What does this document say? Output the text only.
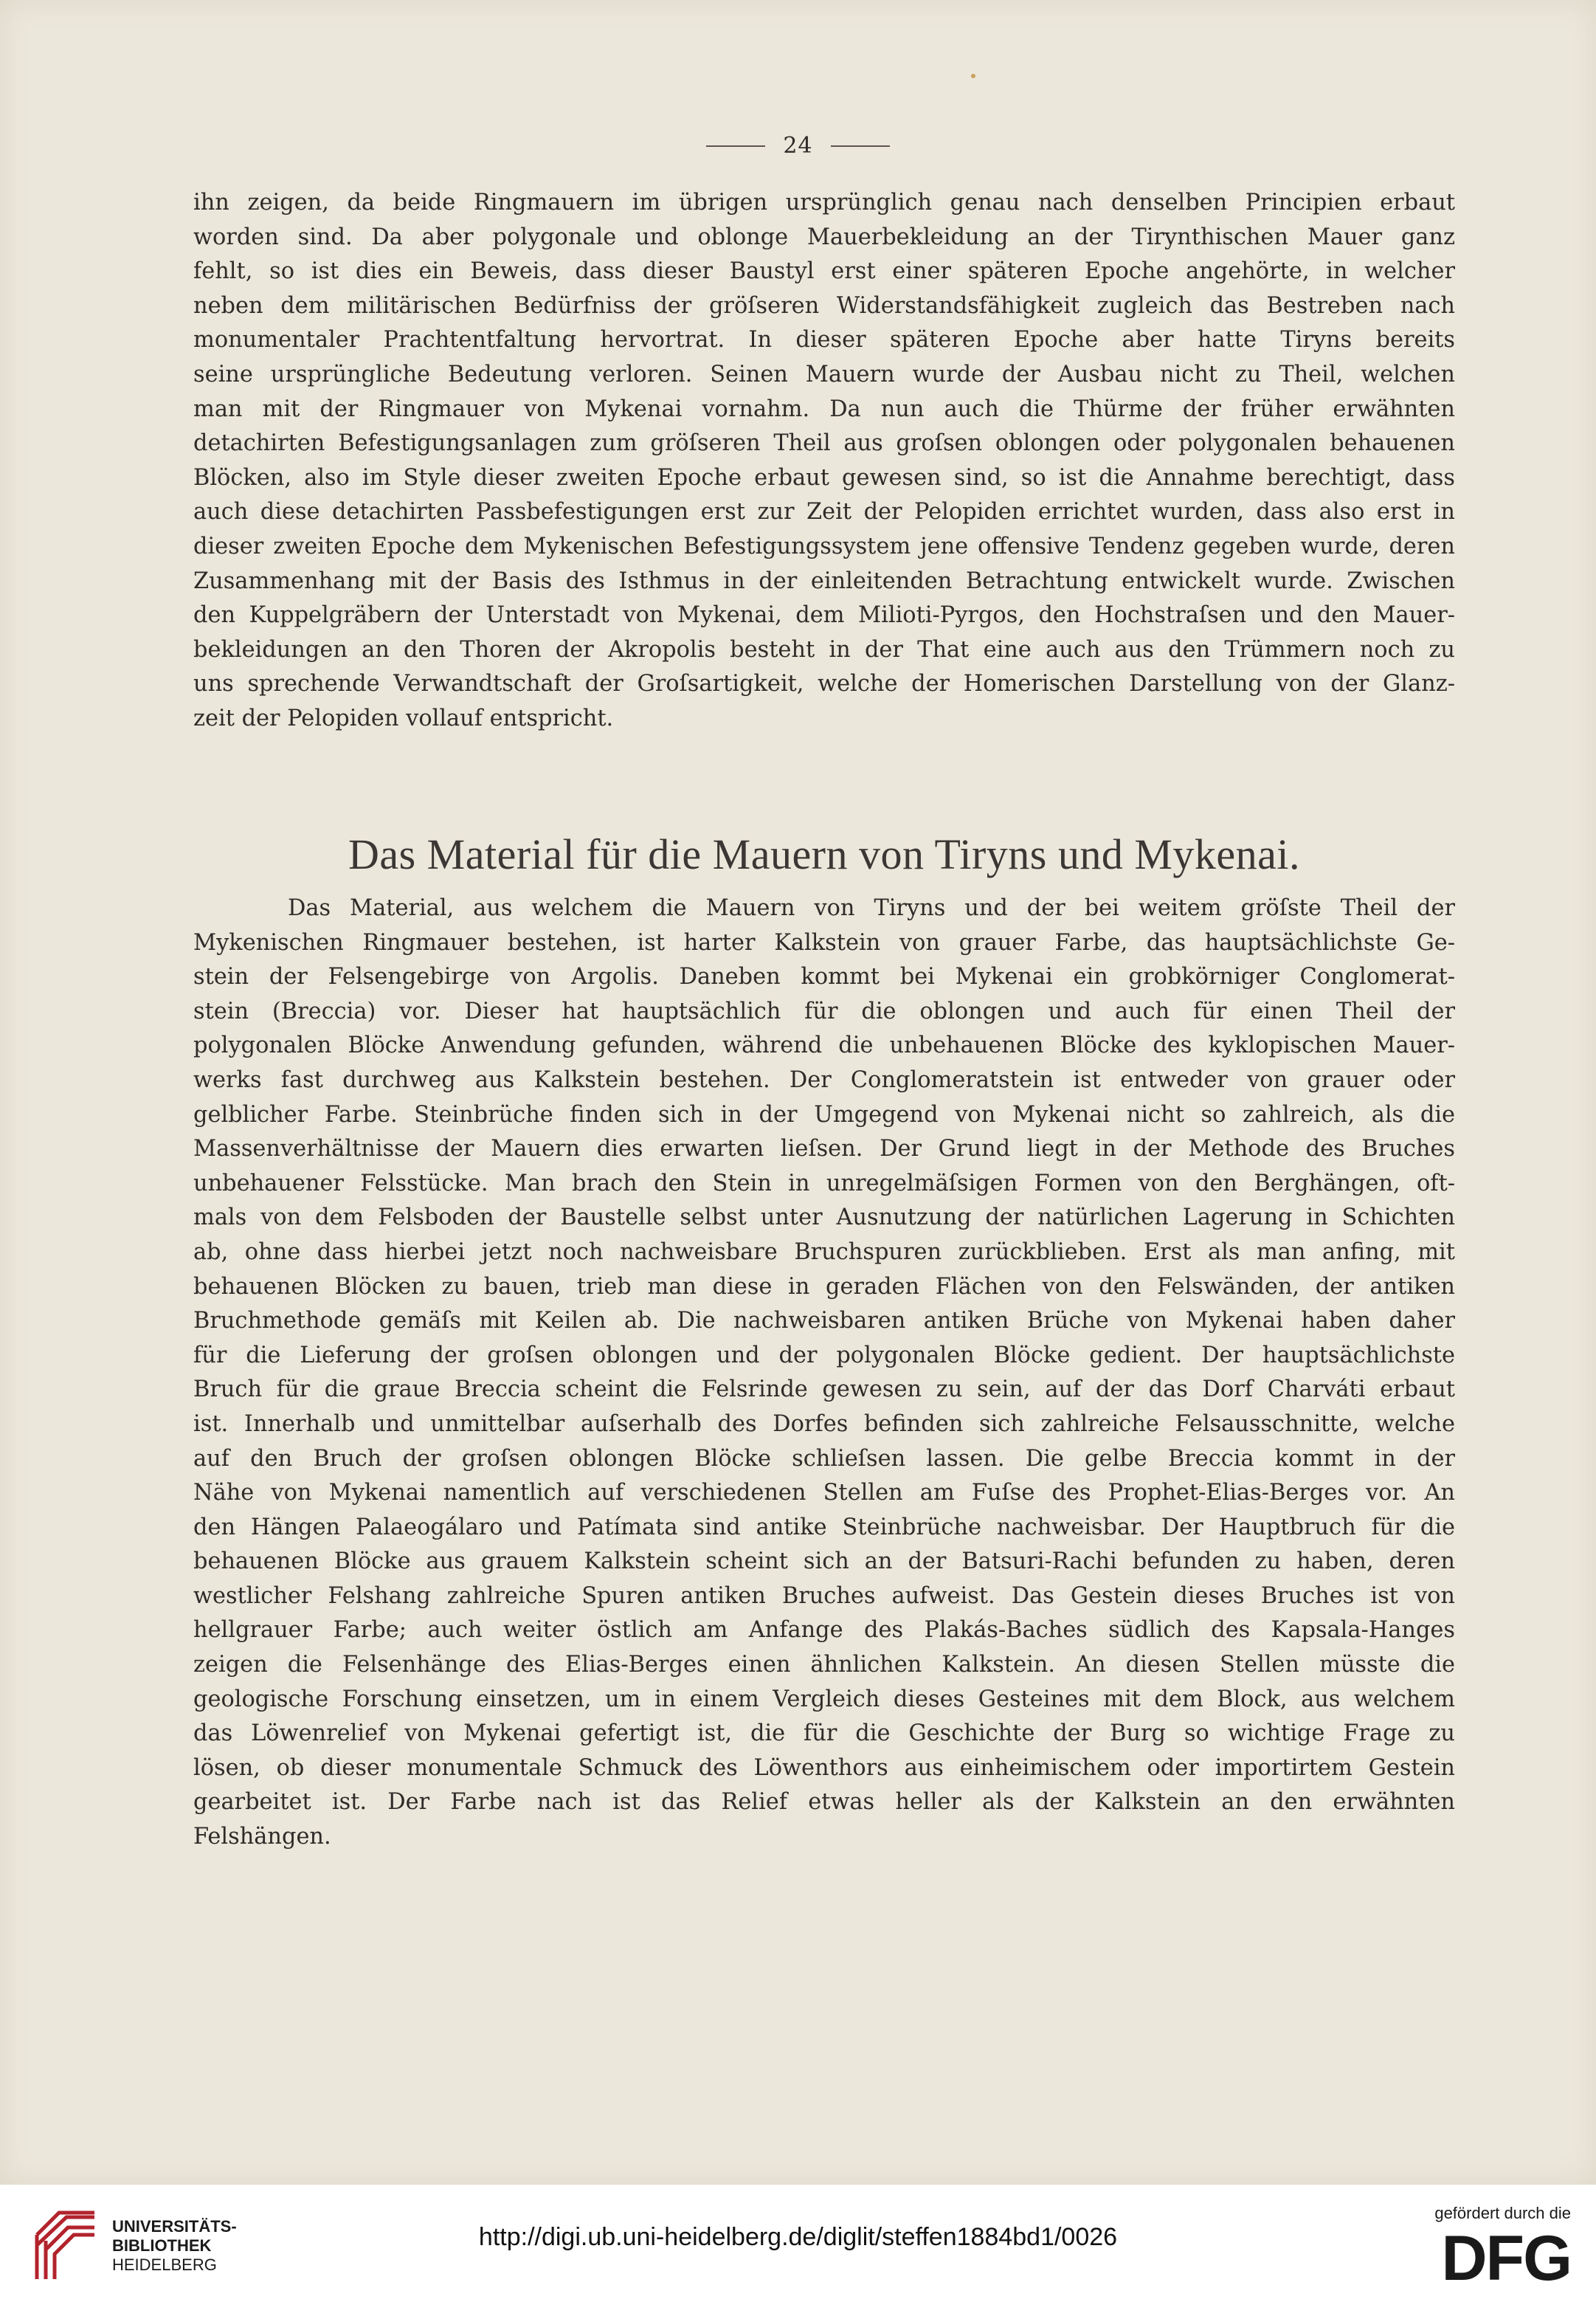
24
ihn zeigen, da beide Ringmauern im übrigen ursprünglich genau nach denselben Principien erbaut
worden sind. Da aber polygonale und oblonge Mauerbekleidung an der Tirynthischen Mauer ganz
fehlt, so ist dies ein Beweis, dass dieser Baustyl erst einer späteren Epoche angehörte, in welcher
neben dem militärischen Bedürfniss der gröſseren Widerstandsfähigkeit zugleich das Bestreben nach
monumentaler Prachtentfaltung hervortrat. In dieser späteren Epoche aber hatte Tiryns bereits
seine ursprüngliche Bedeutung verloren. Seinen Mauern wurde der Ausbau nicht zu Theil, welchen
man mit der Ringmauer von Mykenai vornahm. Da nun auch die Thürme der früher erwähnten
detachirten Befestigungsanlagen zum gröſseren Theil aus groſsen oblongen oder polygonalen behauenen
Blöcken, also im Style dieser zweiten Epoche erbaut gewesen sind, so ist die Annahme berechtigt, dass
auch diese detachirten Passbefestigungen erst zur Zeit der Pelopiden errichtet wurden, dass also erst in
dieser zweiten Epoche dem Mykenischen Befestigungssystem jene offensive Tendenz gegeben wurde, deren
Zusammenhang mit der Basis des Isthmus in der einleitenden Betrachtung entwickelt wurde. Zwischen
den Kuppelgräbern der Unterstadt von Mykenai, dem Milioti-Pyrgos, den Hochstraſsen und den Mauer-
bekleidungen an den Thoren der Akropolis besteht in der That eine auch aus den Trümmern noch zu
uns sprechende Verwandtschaft der Groſsartigkeit, welche der Homerischen Darstellung von der Glanz-
zeit der Pelopiden vollauf entspricht.
Das Material für die Mauern von Tiryns und Mykenai.
Das Material, aus welchem die Mauern von Tiryns und der bei weitem gröſste Theil der
Mykenischen Ringmauer bestehen, ist harter Kalkstein von grauer Farbe, das hauptsächlichste Ge-
stein der Felsengebirge von Argolis. Daneben kommt bei Mykenai ein grobkörniger Conglomerat-
stein (Breccia) vor. Dieser hat hauptsächlich für die oblongen und auch für einen Theil der
polygonalen Blöcke Anwendung gefunden, während die unbehauenen Blöcke des kyklopischen Mauer-
werks fast durchweg aus Kalkstein bestehen. Der Conglomeratstein ist entweder von grauer oder
gelblicher Farbe. Steinbrüche finden sich in der Umgegend von Mykenai nicht so zahlreich, als die
Massenverhältnisse der Mauern dies erwarten lieſsen. Der Grund liegt in der Methode des Bruches
unbehauener Felsstücke. Man brach den Stein in unregelmäſsigen Formen von den Berghängen, oft-
mals von dem Felsboden der Baustelle selbst unter Ausnutzung der natürlichen Lagerung in Schichten
ab, ohne dass hierbei jetzt noch nachweisbare Bruchspuren zurückblieben. Erst als man anfing, mit
behauenen Blöcken zu bauen, trieb man diese in geraden Flächen von den Felswänden, der antiken
Bruchmethode gemäſs mit Keilen ab. Die nachweisbaren antiken Brüche von Mykenai haben daher
für die Lieferung der groſsen oblongen und der polygonalen Blöcke gedient. Der hauptsächlichste
Bruch für die graue Breccia scheint die Felsrinde gewesen zu sein, auf der das Dorf Charváti erbaut
ist. Innerhalb und unmittelbar auſserhalb des Dorfes befinden sich zahlreiche Felsausschnitte, welche
auf den Bruch der groſsen oblongen Blöcke schlieſsen lassen. Die gelbe Breccia kommt in der
Nähe von Mykenai namentlich auf verschiedenen Stellen am Fuſse des Prophet-Elias-Berges vor. An
den Hängen Palaeogálaro und Patímata sind antike Steinbrüche nachweisbar. Der Hauptbruch für die
behauenen Blöcke aus grauem Kalkstein scheint sich an der Batsuri-Rachi befunden zu haben, deren
westlicher Felshang zahlreiche Spuren antiken Bruches aufweist. Das Gestein dieses Bruches ist von
hellgrauer Farbe; auch weiter östlich am Anfange des Plakás-Baches südlich des Kapsala-Hanges
zeigen die Felsenhänge des Elias-Berges einen ähnlichen Kalkstein. An diesen Stellen müsste die
geologische Forschung einsetzen, um in einem Vergleich dieses Gesteines mit dem Block, aus welchem
das Löwenrelief von Mykenai gefertigt ist, die für die Geschichte der Burg so wichtige Frage zu
lösen, ob dieser monumentale Schmuck des Löwenthors aus einheimischem oder importirtem Gestein
gearbeitet ist. Der Farbe nach ist das Relief etwas heller als der Kalkstein an den erwähnten
Felshängen.
UNIVERSITÄTS-
BIBLIOTHEK
HEIDELBERG
http://digi.ub.uni-heidelberg.de/diglit/steffen1884bd1/0026
gefördert durch die
DFG
